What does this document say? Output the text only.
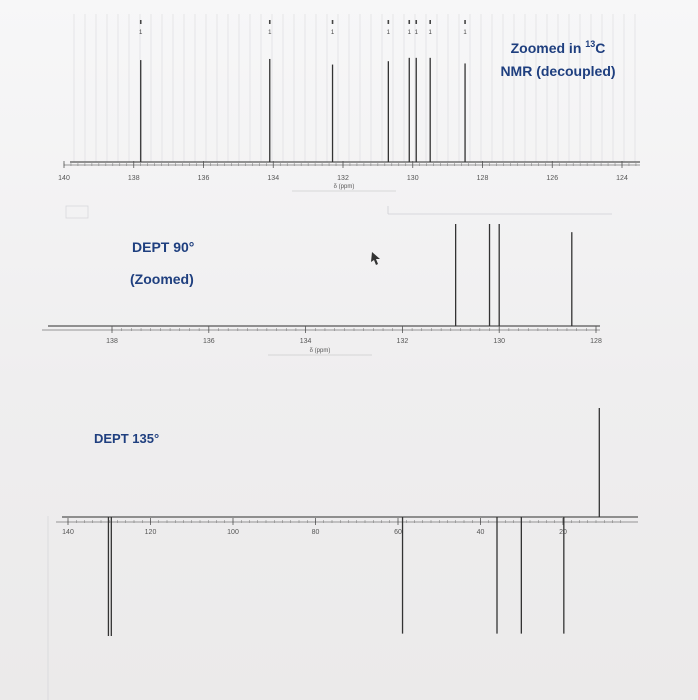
140	138	136	134	132	130	128	126	124
δ (ppm)
1	1	1	1	1 1 1	1
Zoomed in $^{13}$C
NMR (decoupled)
138	136	134	132	130	128
δ (ppm)
DEPT 90°
(Zoomed)
140	120	100	80	60	40	20
DEPT 135°
